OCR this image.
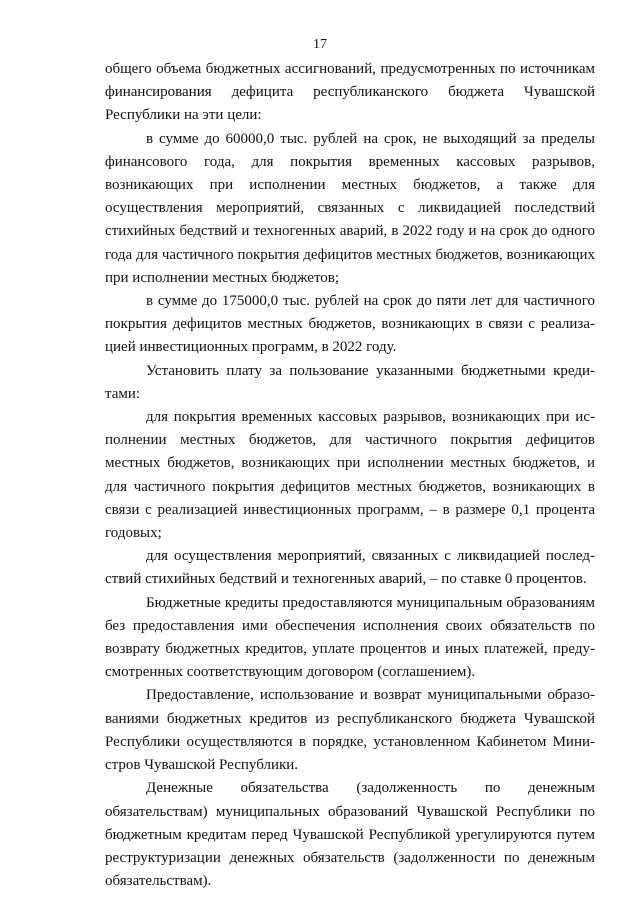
17

общего объема бюджетных ассигнований, предусмотренных по источникам финансирования дефицита республиканского бюджета Чувашской Республики на эти цели:

в сумме до 60000,0 тыс. рублей на срок, не выходящий за пределы финансового года, для покрытия временных кассовых разрывов, возникающих при исполнении местных бюджетов, а также для осуществления мероприятий, связанных с ликвидацией последствий стихийных бедствий и техногенных аварий, в 2022 году и на срок до одного года для частичного покрытия дефицитов местных бюджетов, возникающих при исполнении местных бюджетов;

в сумме до 175000,0 тыс. рублей на срок до пяти лет для частичного покрытия дефицитов местных бюджетов, возникающих в связи с реализацией инвестиционных программ, в 2022 году.

Установить плату за пользование указанными бюджетными кредитами:

для покрытия временных кассовых разрывов, возникающих при исполнении местных бюджетов, для частичного покрытия дефицитов местных бюджетов, возникающих при исполнении местных бюджетов, и для частичного покрытия дефицитов местных бюджетов, возникающих в связи с реализацией инвестиционных программ, – в размере 0,1 процента годовых;

для осуществления мероприятий, связанных с ликвидацией последствий стихийных бедствий и техногенных аварий, – по ставке 0 процентов.

Бюджетные кредиты предоставляются муниципальным образованиям без предоставления ими обеспечения исполнения своих обязательств по возврату бюджетных кредитов, уплате процентов и иных платежей, предусмотренных соответствующим договором (соглашением).

Предоставление, использование и возврат муниципальными образованиями бюджетных кредитов из республиканского бюджета Чувашской Республики осуществляются в порядке, установленном Кабинетом Министров Чувашской Республики.

Денежные обязательства (задолженность по денежным обязательствам) муниципальных образований Чувашской Республики по бюджетным кредитам перед Чувашской Республикой урегулируются путем реструктуризации денежных обязательств (задолженности по денежным обязательствам).
